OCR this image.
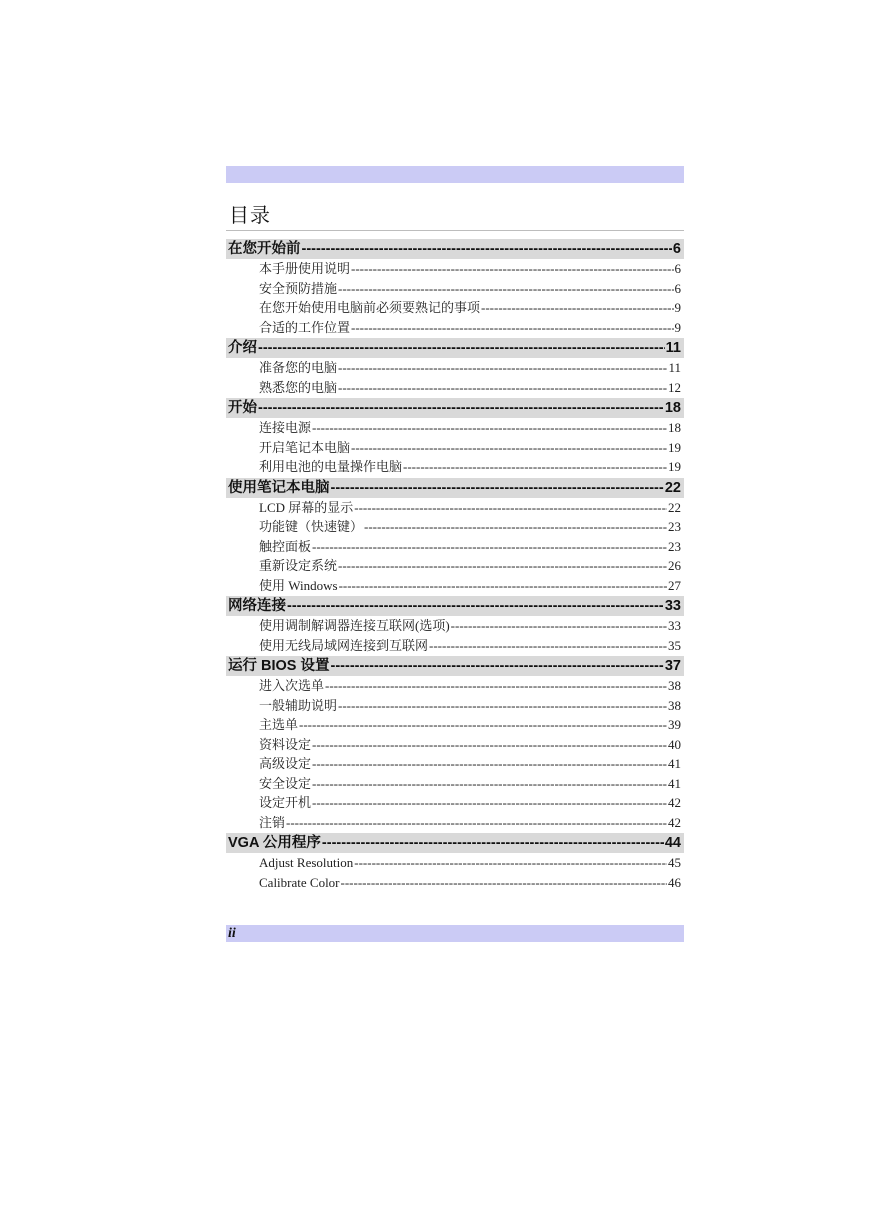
目录
在您开始前 -----	6
本手册使用说明 -----	6
安全预防措施 -----	6
在您开始使用电脑前必须要熟记的事项 -----	9
合适的工作位置 -----	9
介绍 -----	11
准备您的电脑 -----	11
熟悉您的电脑 -----	12
开始 -----	18
连接电源 -----	18
开启笔记本电脑 -----	19
利用电池的电量操作电脑 -----	19
使用笔记本电脑 -----	22
LCD 屏幕的显示 -----	22
功能键（快速键） -----	23
触控面板 -----	23
重新设定系统 -----	26
使用 Windows -----	27
网络连接 -----	33
使用调制解调器连接互联网(选项) -----	33
使用无线局域网连接到互联网 -----	35
运行 BIOS 设置 -----	37
进入次选单 -----	38
一般辅助说明 -----	38
主选单 -----	39
资料设定 -----	40
高级设定 -----	41
安全设定 -----	41
设定开机 -----	42
注销 -----	42
VGA 公用程序 -----	44
Adjust Resolution -----	45
Calibrate Color -----	46
ii
